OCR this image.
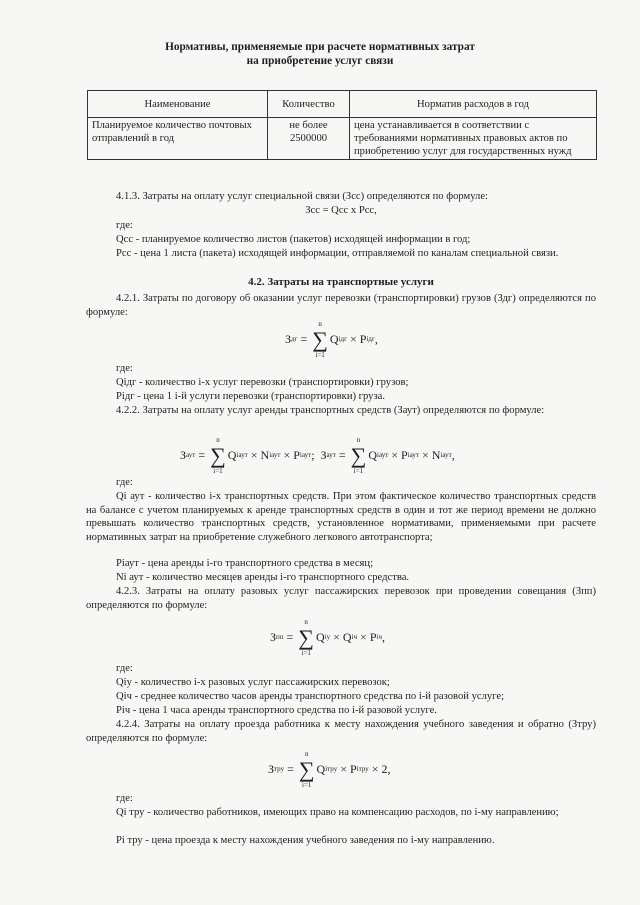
Нормативы, применяемые при расчете нормативных затрат
на приобретение услуг связи
Наименование	Количество	Норматив расходов в год
Планируемое количество почтовых отправлений в год	не более 2500000	цена устанавливается в соответствии с требованиями нормативных правовых актов по приобретению услуг для государственных нужд
4.1.3. Затраты на оплату услуг специальной связи (Зсс) определяются по формуле:
Зсс = Qсс х Рсс,
где:
Qсс - планируемое количество листов (пакетов) исходящей информации в год;
Рсс - цена 1 листа (пакета) исходящей информации, отправляемой по каналам специальной связи.
4.2. Затраты на транспортные услуги
4.2.1. Затраты по договору об оказании услуг перевозки (транспортировки) грузов (Здг) определяются по формуле:
З дг =
n
∑
i=1
Q iдг × P iдг ,
где:
Qiдг - количество i-х услуг перевозки (транспортировки) грузов;
Piдг - цена 1 i-й услуги перевозки (транспортировки) груза.
4.2.2. Затраты на оплату услуг аренды транспортных средств (Заут) определяются по формуле:
З аут =
n
∑
i=1
Q iаут × N iаут × P iаут ;
З аут =
n
∑
i=1
Q iаут × P iаут × N iаут ,
где:
Qi аут - количество i-х транспортных средств. При этом фактическое количество транспортных средств на балансе с учетом планируемых к аренде транспортных средств в один и тот же период времени не должно превышать количество транспортных средств, установленное нормативами, применяемыми при расчете нормативных затрат на приобретение служебного легкового автотранспорта;
Piаут - цена аренды i-го транспортного средства в месяц;
Ni аут - количество месяцев аренды i-го транспортного средства.
4.2.3. Затраты на оплату разовых услуг пассажирских перевозок при проведении совещания (Зпп) определяются по формуле:
З пп =
n
∑
i=1
Q iу × Q iч × P iч ,
где:
Qiу - количество i-х разовых услуг пассажирских перевозок;
Qiч - среднее количество часов аренды транспортного средства по i-й разовой услуге;
Piч - цена 1 часа аренды транспортного средства по i-й разовой услуге.
4.2.4. Затраты на оплату проезда работника к месту нахождения учебного заведения и обратно (Зтру) определяются по формуле:
З тру =
n
∑
i=1
Q iтру × P iтру
× 2,
где:
Qi тру - количество работников, имеющих право на компенсацию расходов, по i-му направлению;
Pi тру - цена проезда к месту нахождения учебного заведения по i-му направлению.
